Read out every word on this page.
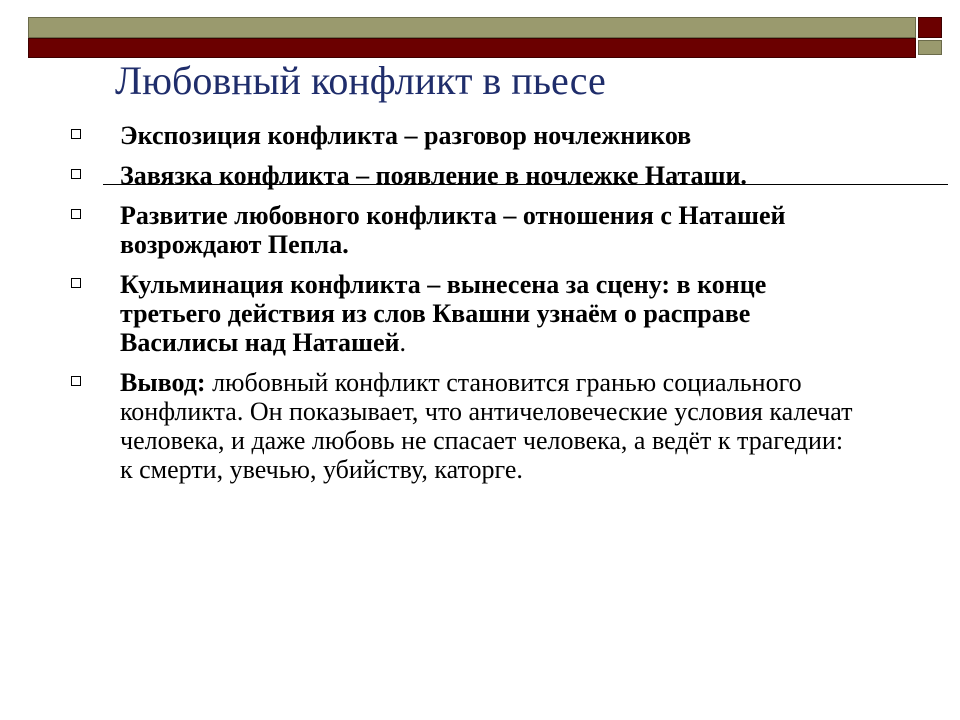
Любовный конфликт в пьесе
Экспозиция конфликта – разговор ночлежников
Завязка конфликта – появление в ночлежке Наташи.
Развитие любовного конфликта – отношения с Наташей возрождают Пепла.
Кульминация конфликта – вынесена за сцену: в конце третьего действия из слов Квашни узнаём о расправе Василисы над Наташей.
Вывод: любовный конфликт становится гранью социального конфликта. Он показывает, что античеловеческие условия калечат человека, и даже любовь не спасает человека, а ведёт к трагедии: к смерти, увечью, убийству, каторге.
